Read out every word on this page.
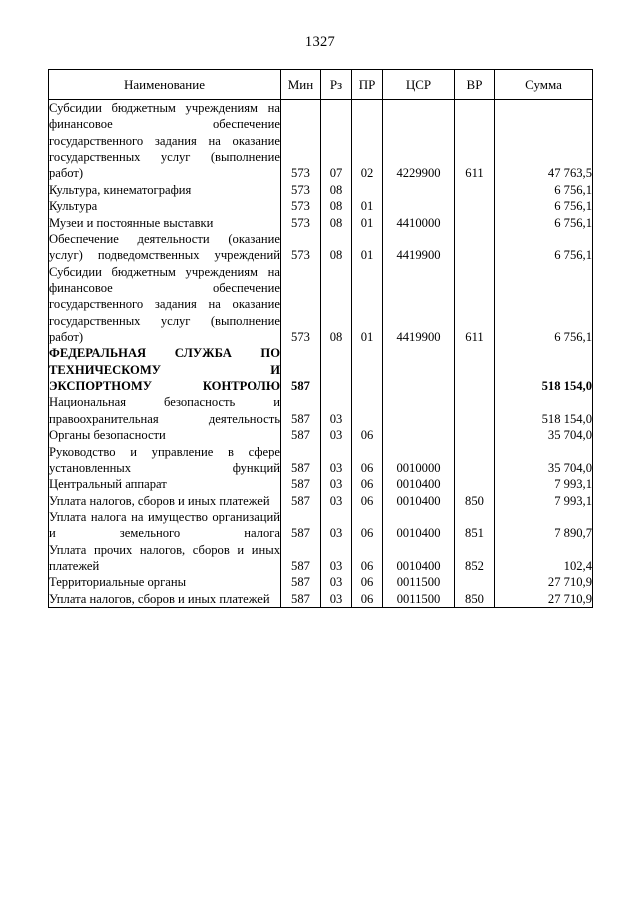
1327
Наименование	Мин	Рз	ПР	ЦСР	ВР	Сумма
Субсидии бюджетным учреждениям на финансовое обеспечение государственного задания на оказание государственных услуг (выполнение работ)	573	07	02	4229900	611	47 763,5
Культура, кинематография	573	08				6 756,1
Культура	573	08	01			6 756,1
Музеи и постоянные выставки	573	08	01	4410000		6 756,1
Обеспечение деятельности (оказание услуг) подведомственных учреждений	573	08	01	4419900		6 756,1
Субсидии бюджетным учреждениям на финансовое обеспечение государственного задания на оказание государственных услуг (выполнение работ)	573	08	01	4419900	611	6 756,1
ФЕДЕРАЛЬНАЯ СЛУЖБА ПО ТЕХНИЧЕСКОМУ И ЭКСПОРТНОМУ КОНТРОЛЮ	587					518 154,0
Национальная безопасность и правоохранительная деятельность	587	03				518 154,0
Органы безопасности	587	03	06			35 704,0
Руководство и управление в сфере установленных функций	587	03	06	0010000		35 704,0
Центральный аппарат	587	03	06	0010400		7 993,1
Уплата налогов, сборов и иных платежей	587	03	06	0010400	850	7 993,1
Уплата налога на имущество организаций и земельного налога	587	03	06	0010400	851	7 890,7
Уплата прочих налогов, сборов и иных платежей	587	03	06	0010400	852	102,4
Территориальные органы	587	03	06	0011500		27 710,9
Уплата налогов, сборов и иных платежей	587	03	06	0011500	850	27 710,9
